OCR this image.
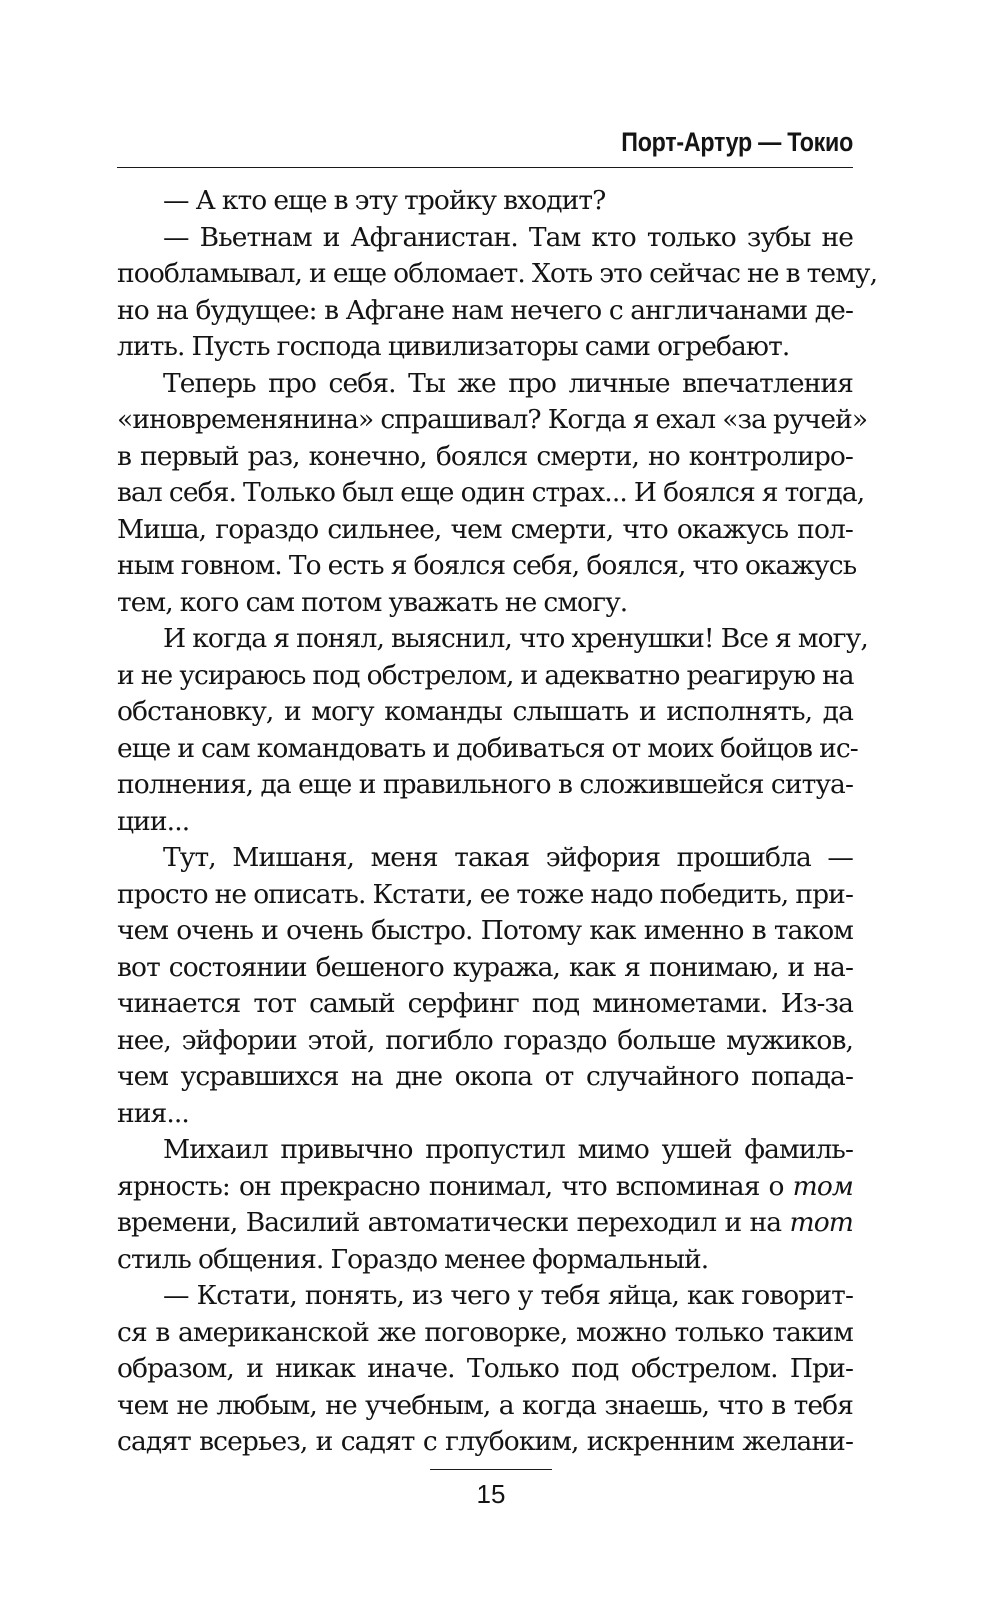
Порт-Артур — Токио

— А кто еще в эту тройку входит?

— Вьетнам и Афганистан. Там кто только зубы не
пообламывал, и еще обломает. Хоть это сейчас не в тему,
но на будущее: в Афгане нам нечего с англичанами де-
лить. Пусть господа цивилизаторы сами огребают.

Теперь про себя. Ты же про личные впечатления
«иновременянина» спрашивал? Когда я ехал «за ручей»
в первый раз, конечно, боялся смерти, но контролиро-
вал себя. Только был еще один страх... И боялся я тогда,
Миша, гораздо сильнее, чем смерти, что окажусь пол-
ным говном. То есть я боялся себя, боялся, что окажусь
тем, кого сам потом уважать не смогу.

И когда я понял, выяснил, что хренушки! Все я могу,
и не усираюсь под обстрелом, и адекватно реагирую на
обстановку, и могу команды слышать и исполнять, да
еще и сам командовать и добиваться от моих бойцов ис-
полнения, да еще и правильного в сложившейся ситуа-
ции...

Тут, Мишаня, меня такая эйфория прошибла —
просто не описать. Кстати, ее тоже надо победить, при-
чем очень и очень быстро. Потому как именно в таком
вот состоянии бешеного куража, как я понимаю, и на-
чинается тот самый серфинг под минометами. Из-за
нее, эйфории этой, погибло гораздо больше мужиков,
чем усравшихся на дне окопа от случайного попада-
ния...

Михаил привычно пропустил мимо ушей фамиль-
ярность: он прекрасно понимал, что вспоминая о том
времени, Василий автоматически переходил и на тот
стиль общения. Гораздо менее формальный.

— Кстати, понять, из чего у тебя яйца, как говорит-
ся в американской же поговорке, можно только таким
образом, и никак иначе. Только под обстрелом. При-
чем не любым, не учебным, а когда знаешь, что в тебя
садят всерьез, и садят с глубоким, искренним желани-

15
